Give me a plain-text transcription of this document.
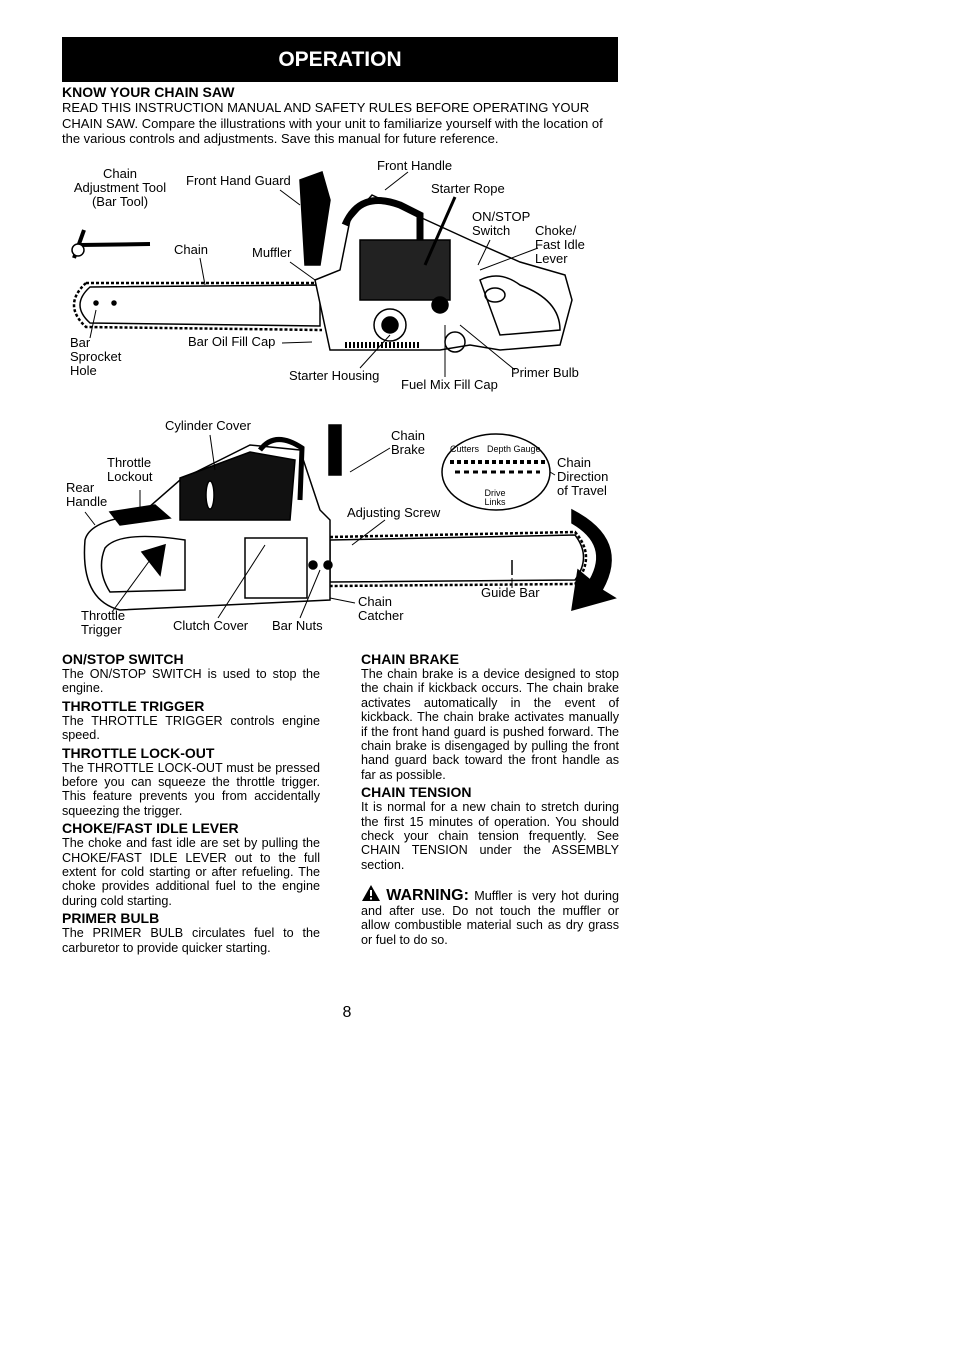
OPERATION
KNOW YOUR CHAIN SAW
READ THIS INSTRUCTION MANUAL AND SAFETY RULES BEFORE OPERATING YOUR
CHAIN SAW. Compare the illustrations with your unit to familiarize yourself with the location of
the various controls and adjustments. Save this manual for future reference.
Chain
Adjustment Tool
(Bar Tool)
Front Hand Guard
Front Handle
Starter Rope
ON/STOP
Switch	Choke/
Fast Idle
Lever
Chain	Muffler
Bar
Sprocket
Hole
Bar Oil Fill Cap
Starter Housing
Fuel Mix Fill Cap
Primer Bulb
Cylinder Cover
Throttle
Lockout
Rear
Handle
Chain
Brake	Cutters Depth Gauge
Drive
Links
Chain
Direction
of Travel
Adjusting Screw
Throttle
Trigger	Clutch Cover Bar Nuts
Chain
Catcher
Guide Bar
ON/STOP SWITCH
The ON/STOP SWITCH is used to stop the engine.
THROTTLE TRIGGER
The THROTTLE TRIGGER controls engine speed.
THROTTLE LOCK-OUT
The THROTTLE LOCK-OUT must be pressed before you can squeeze the throttle trigger. This feature prevents you from accidentally squeezing the trigger.
CHOKE/FAST IDLE LEVER
The choke and fast idle are set by pulling the CHOKE/FAST IDLE LEVER out to the full extent for cold starting or after refueling. The choke provides additional fuel to the engine during cold starting.
PRIMER BULB
The PRIMER BULB circulates fuel to the carburetor to provide quicker starting.
CHAIN BRAKE
The chain brake is a device designed to stop the chain if kickback occurs. The chain brake activates automatically in the event of kickback. The chain brake activates manually if the front hand guard is pushed forward. The chain brake is disengaged by pulling the front hand guard back toward the front handle as far as possible.
CHAIN TENSION
It is normal for a new chain to stretch during the first 15 minutes of operation. You should check your chain tension frequently. See CHAIN TENSION under the ASSEMBLY section.
WARNING: Muffler is very hot during and after use. Do not touch the muffler or allow combustible material such as dry grass or fuel to do so.
8
